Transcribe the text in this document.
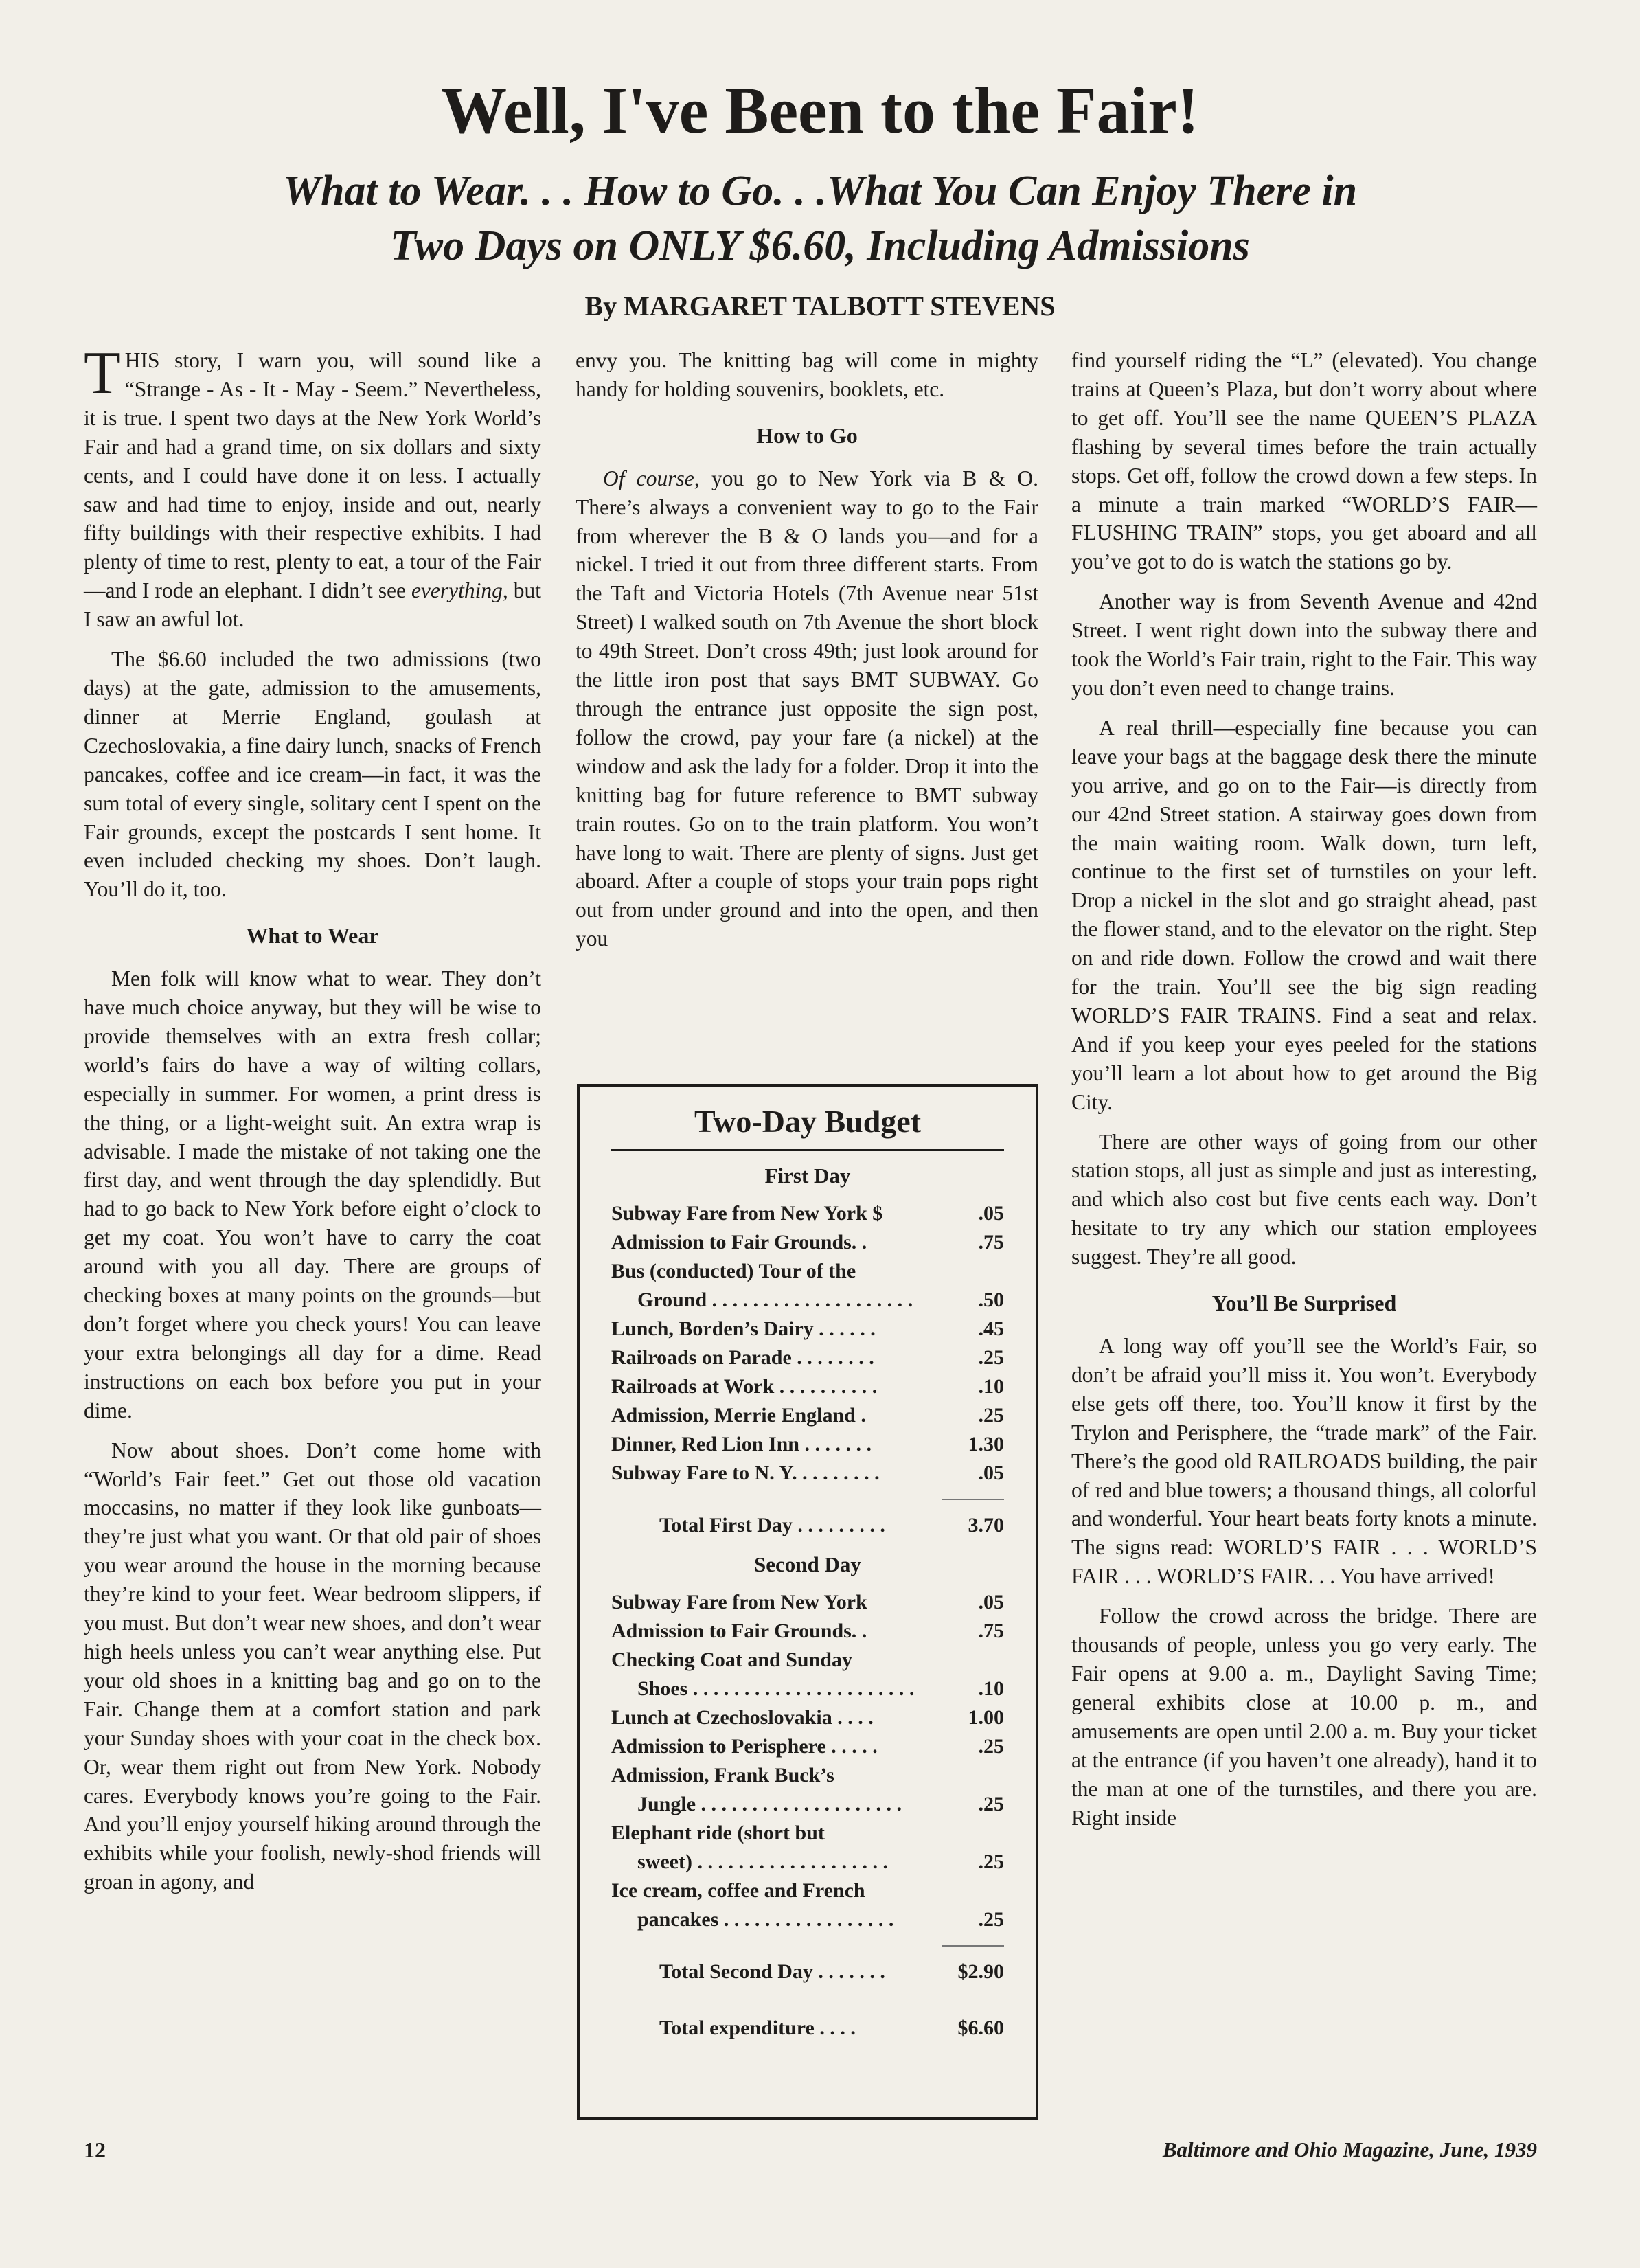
Well, I've Been to the Fair!
What to Wear. . . How to Go. . .What You Can Enjoy There in
Two Days on ONLY $6.60, Including Admissions
By MARGARET TALBOTT STEVENS

THIS story, I warn you, will sound like a “Strange - As - It - May - Seem.” Nevertheless, it is true. I spent two days at the New York World’s Fair and had a grand time, on six dollars and sixty cents, and I could have done it on less. I actually saw and had time to enjoy, inside and out, nearly fifty buildings with their respective exhibits. I had plenty of time to rest, plenty to eat, a tour of the Fair—and I rode an elephant. I didn’t see everything, but I saw an awful lot.

The $6.60 included the two admissions (two days) at the gate, admission to the amusements, dinner at Merrie England, goulash at Czechoslovakia, a fine dairy lunch, snacks of French pancakes, coffee and ice cream—in fact, it was the sum total of every single, solitary cent I spent on the Fair grounds, except the postcards I sent home. It even included checking my shoes. Don’t laugh. You’ll do it, too.

What to Wear

Men folk will know what to wear. They don’t have much choice anyway, but they will be wise to provide themselves with an extra fresh collar; world’s fairs do have a way of wilting collars, especially in summer. For women, a print dress is the thing, or a light-weight suit. An extra wrap is advisable. I made the mistake of not taking one the first day, and went through the day splendidly. But had to go back to New York before eight o’clock to get my coat. You won’t have to carry the coat around with you all day. There are groups of checking boxes at many points on the grounds—but don’t forget where you check yours! You can leave your extra belongings all day for a dime. Read instructions on each box before you put in your dime.

Now about shoes. Don’t come home with “World’s Fair feet.” Get out those old vacation moccasins, no matter if they look like gunboats—they’re just what you want. Or that old pair of shoes you wear around the house in the morning because they’re kind to your feet. Wear bedroom slippers, if you must. But don’t wear new shoes, and don’t wear high heels unless you can’t wear anything else. Put your old shoes in a knitting bag and go on to the Fair. Change them at a comfort station and park your Sunday shoes with your coat in the check box. Or, wear them right out from New York. Nobody cares. Everybody knows you’re going to the Fair. And you’ll enjoy yourself hiking around through the exhibits while your foolish, newly-shod friends will groan in agony, and

envy you. The knitting bag will come in mighty handy for holding souvenirs, booklets, etc.

How to Go

Of course, you go to New York via B & O. There’s always a convenient way to go to the Fair from wherever the B & O lands you—and for a nickel. I tried it out from three different starts. From the Taft and Victoria Hotels (7th Avenue near 51st Street) I walked south on 7th Avenue the short block to 49th Street. Don’t cross 49th; just look around for the little iron post that says BMT SUBWAY. Go through the entrance just opposite the sign post, follow the crowd, pay your fare (a nickel) at the window and ask the lady for a folder. Drop it into the knitting bag for future reference to BMT subway train routes. Go on to the train platform. You won’t have long to wait. There are plenty of signs. Just get aboard. After a couple of stops your train pops right out from under ground and into the open, and then you

Two-Day Budget
First Day
Subway Fare from New York $	.05
Admission to Fair Grounds. .	.75
Bus (conducted) Tour of the
Ground . . . . . . . . . . . . . . . . . . . .	.50
Lunch, Borden’s Dairy . . . . . .	.45
Railroads on Parade . . . . . . . .	.25
Railroads at Work . . . . . . . . . .	.10
Admission, Merrie England .	.25
Dinner, Red Lion Inn . . . . . . .	1.30
Subway Fare to N. Y. . . . . . . . .	.05
Total First Day . . . . . . . . .	3.70
Second Day
Subway Fare from New York	.05
Admission to Fair Grounds. .	.75
Checking Coat and Sunday
Shoes . . . . . . . . . . . . . . . . . . . . . .	.10
Lunch at Czechoslovakia . . . .	1.00
Admission to Perisphere . . . . .	.25
Admission, Frank Buck’s
Jungle . . . . . . . . . . . . . . . . . . . .	.25
Elephant ride (short but
sweet) . . . . . . . . . . . . . . . . . . .	.25
Ice cream, coffee and French
pancakes . . . . . . . . . . . . . . . . .	.25
Total Second Day . . . . . . .	$2.90
Total expenditure . . . .	$6.60

find yourself riding the “L” (elevated). You change trains at Queen’s Plaza, but don’t worry about where to get off. You’ll see the name QUEEN’S PLAZA flashing by several times before the train actually stops. Get off, follow the crowd down a few steps. In a minute a train marked “WORLD’S FAIR—FLUSHING TRAIN” stops, you get aboard and all you’ve got to do is watch the stations go by.

Another way is from Seventh Avenue and 42nd Street. I went right down into the subway there and took the World’s Fair train, right to the Fair. This way you don’t even need to change trains.

A real thrill—especially fine because you can leave your bags at the baggage desk there the minute you arrive, and go on to the Fair—is directly from our 42nd Street station. A stairway goes down from the main waiting room. Walk down, turn left, continue to the first set of turnstiles on your left. Drop a nickel in the slot and go straight ahead, past the flower stand, and to the elevator on the right. Step on and ride down. Follow the crowd and wait there for the train. You’ll see the big sign reading WORLD’S FAIR TRAINS. Find a seat and relax. And if you keep your eyes peeled for the stations you’ll learn a lot about how to get around the Big City.

There are other ways of going from our other station stops, all just as simple and just as interesting, and which also cost but five cents each way. Don’t hesitate to try any which our station employees suggest. They’re all good.

You’ll Be Surprised

A long way off you’ll see the World’s Fair, so don’t be afraid you’ll miss it. You won’t. Everybody else gets off there, too. You’ll know it first by the Trylon and Perisphere, the “trade mark” of the Fair. There’s the good old RAILROADS building, the pair of red and blue towers; a thousand things, all colorful and wonderful. Your heart beats forty knots a minute. The signs read: WORLD’S FAIR . . . WORLD’S FAIR . . . WORLD’S FAIR. . . You have arrived!

Follow the crowd across the bridge. There are thousands of people, unless you go very early. The Fair opens at 9.00 a. m., Daylight Saving Time; general exhibits close at 10.00 p. m., and amusements are open until 2.00 a. m. Buy your ticket at the entrance (if you haven’t one already), hand it to the man at one of the turnstiles, and there you are. Right inside

12	Baltimore and Ohio Magazine, June, 1939
